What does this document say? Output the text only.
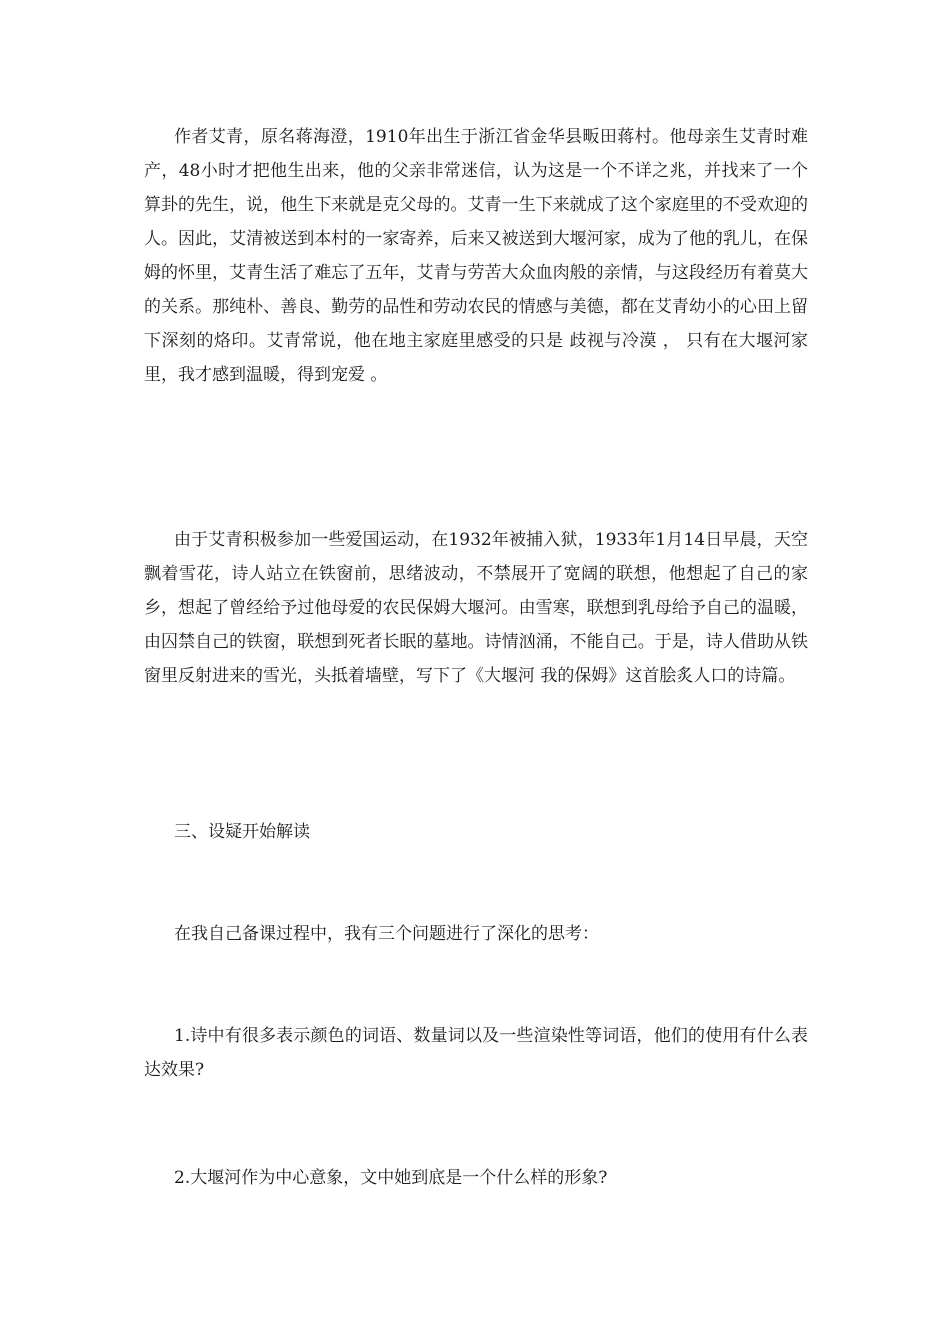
作者艾青，原名蒋海澄，1910年出生于浙江省金华县畈田蒋村。他母亲生艾青时难产，48小时才把他生出来，他的父亲非常迷信，认为这是一个不详之兆，并找来了一个算卦的先生，说，他生下来就是克父母的。艾青一生下来就成了这个家庭里的不受欢迎的人。因此，艾清被送到本村的一家寄养，后来又被送到大堰河家，成为了他的乳儿，在保姆的怀里，艾青生活了难忘了五年，艾青与劳苦大众血肉般的亲情，与这段经历有着莫大的关系。那纯朴、善良、勤劳的品性和劳动农民的情感与美德，都在艾青幼小的心田上留下深刻的烙印。艾青常说，他在地主家庭里感受的只是 歧视与冷漠 ， 只有在大堰河家里，我才感到温暖，得到宠爱 。

由于艾青积极参加一些爱国运动，在1932年被捕入狱，1933年1月14日早晨，天空飘着雪花，诗人站立在铁窗前，思绪波动，不禁展开了宽阔的联想，他想起了自己的家乡，想起了曾经给予过他母爱的农民保姆大堰河。由雪寒，联想到乳母给予自己的温暖，由囚禁自己的铁窗，联想到死者长眠的墓地。诗情汹涌，不能自己。于是，诗人借助从铁窗里反射进来的雪光，头抵着墙壁，写下了《大堰河 我的保姆》这首脍炙人口的诗篇。

三、设疑开始解读

在我自己备课过程中，我有三个问题进行了深化的思考：

1.诗中有很多表示颜色的词语、数量词以及一些渲染性等词语，他们的使用有什么表达效果?

2.大堰河作为中心意象，文中她到底是一个什么样的形象?
